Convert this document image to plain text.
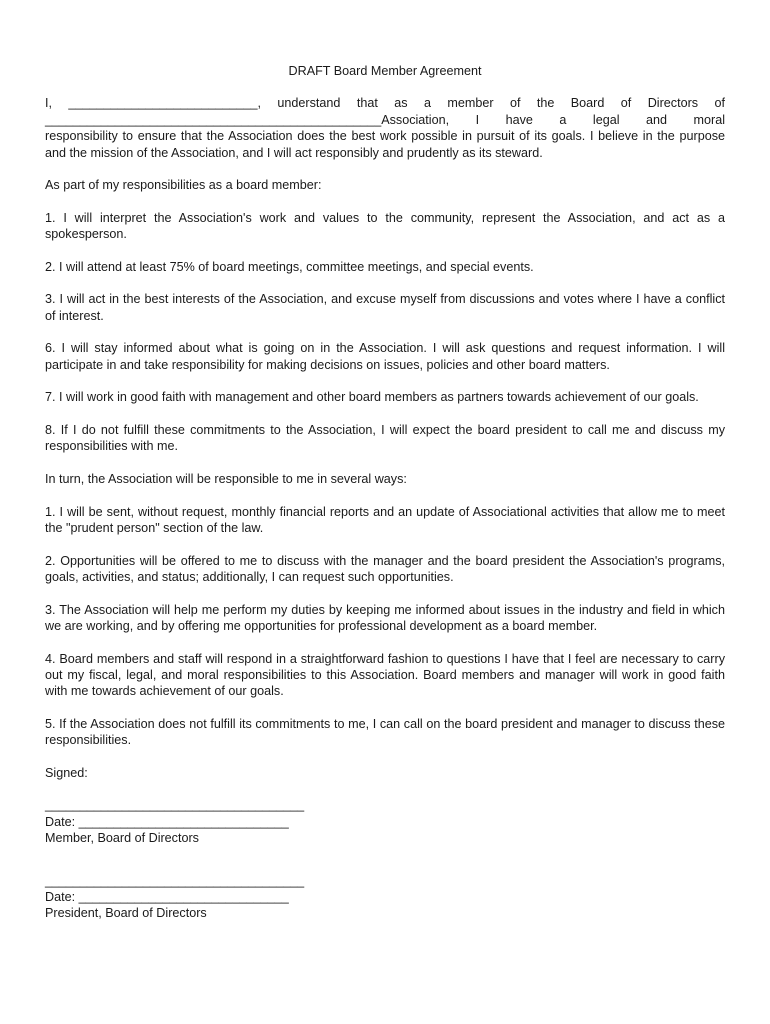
DRAFT Board Member Agreement
I, ___________________________, understand that as a member of the Board of Directors of
________________________________________________Association, I have a legal and moral
responsibility to ensure that the Association does the best work possible in pursuit of its goals. I believe in the purpose and the mission of the Association, and I will act responsibly and prudently as its steward.

As part of my responsibilities as a board member:

1. I will interpret the Association's work and values to the community, represent the Association, and act as a spokesperson.

2. I will attend at least 75% of board meetings, committee meetings, and special events.

3. I will act in the best interests of the Association, and excuse myself from discussions and votes where I have a conflict of interest.

6. I will stay informed about what is going on in the Association. I will ask questions and request information. I will participate in and take responsibility for making decisions on issues, policies and other board matters.

7. I will work in good faith with management and other board members as partners towards achievement of our goals.

8. If I do not fulfill these commitments to the Association, I will expect the board president to call me and discuss my responsibilities with me.

In turn, the Association will be responsible to me in several ways:

1. I will be sent, without request, monthly financial reports and an update of Associational activities that allow me to meet the "prudent person" section of the law.

2. Opportunities will be offered to me to discuss with the manager and the board president the Association's programs, goals, activities, and status; additionally, I can request such opportunities.

3. The Association will help me perform my duties by keeping me informed about issues in the industry and field in which we are working, and by offering me opportunities for professional development as a board member.

4. Board members and staff will respond in a straightforward fashion to questions I have that I feel are necessary to carry out my fiscal, legal, and moral responsibilities to this Association. Board members and manager will work in good faith with me towards achievement of our goals.

5. If the Association does not fulfill its commitments to me, I can call on the board president and manager to discuss these responsibilities.

Signed:
_____________________________________
Date: ______________________________
Member, Board of Directors
_____________________________________
Date: ______________________________
President, Board of Directors
